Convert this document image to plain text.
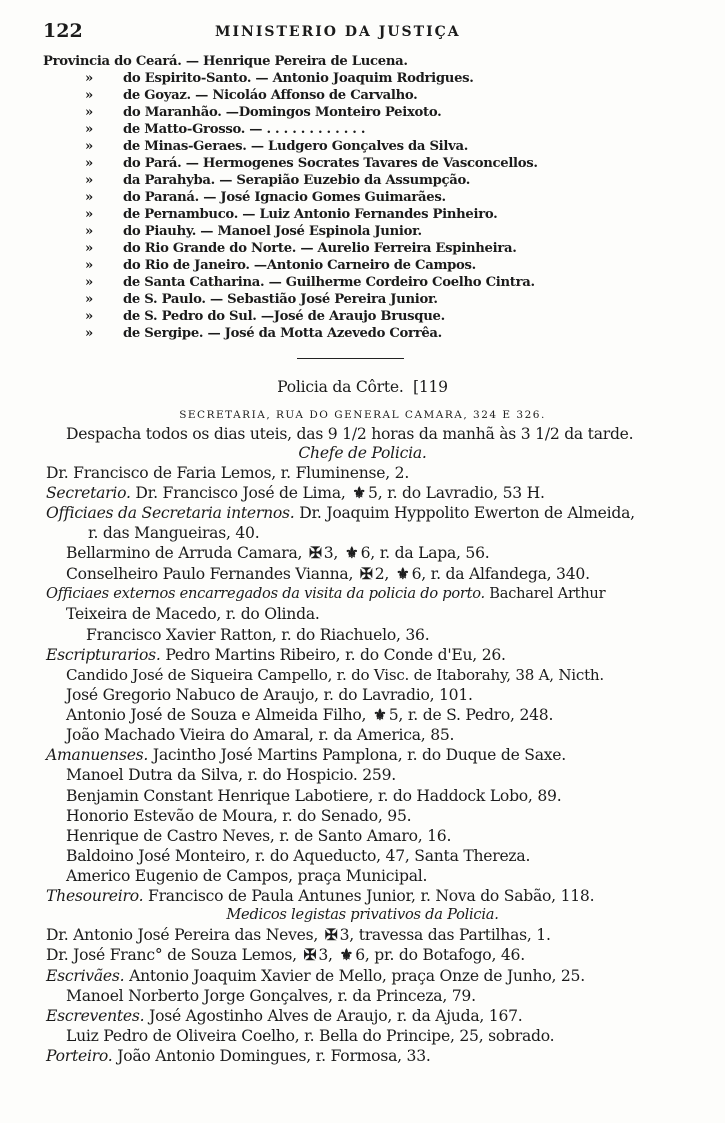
122	MINISTERIO DA JUSTIÇA
Provincia do Ceará. — Henrique Pereira de Lucena.
» do Espirito-Santo. — Antonio Joaquim Rodrigues.
» de Goyaz. — Nicoláo Affonso de Carvalho.
» do Maranhão. —Domingos Monteiro Peixoto.
» de Matto-Grosso. — . . . . . . . . . . . .
» de Minas-Geraes. — Ludgero Gonçalves da Silva.
» do Pará. — Hermogenes Socrates Tavares de Vasconcellos.
» da Parahyba. — Serapião Euzebio da Assumpção.
» do Paraná. — José Ignacio Gomes Guimarães.
» de Pernambuco. — Luiz Antonio Fernandes Pinheiro.
» do Piauhy. — Manoel José Espinola Junior.
» do Rio Grande do Norte. — Aurelio Ferreira Espinheira.
» do Rio de Janeiro. —Antonio Carneiro de Campos.
» de Santa Catharina. — Guilherme Cordeiro Coelho Cintra.
» de S. Paulo. — Sebastião José Pereira Junior.
» de S. Pedro do Sul. —José de Araujo Brusque.
» de Sergipe. — José da Motta Azevedo Corrêa.
Policia da Côrte. [119
SECRETARIA, RUA DO GENERAL CAMARA, 324 E 326.
Despacha todos os dias uteis, das 9 1/2 horas da manhã às 3 1/2 da tarde.
Chefe de Policia.
Dr. Francisco de Faria Lemos, r. Fluminense, 2.
Secretario. Dr. Francisco José de Lima, ⚜ 5, r. do Lavradio, 53 H.
Officiaes da Secretaria internos. Dr. Joaquim Hyppolito Ewerton de Almeida,
r. das Mangueiras, 40.
Bellarmino de Arruda Camara, ✠ 3, ⚜ 6, r. da Lapa, 56.
Conselheiro Paulo Fernandes Vianna, ✠ 2, ⚜ 6, r. da Alfandega, 340.
Officiaes externos encarregados da visita da policia do porto. Bacharel Arthur
Teixeira de Macedo, r. do Olinda.
Francisco Xavier Ratton, r. do Riachuelo, 36.
Escripturarios. Pedro Martins Ribeiro, r. do Conde d'Eu, 26.
Candido José de Siqueira Campello, r. do Visc. de Itaborahy, 38 A, Nicth.
José Gregorio Nabuco de Araujo, r. do Lavradio, 101.
Antonio José de Souza e Almeida Filho, ⚜ 5, r. de S. Pedro, 248.
João Machado Vieira do Amaral, r. da America, 85.
Amanuenses. Jacintho José Martins Pamplona, r. do Duque de Saxe.
Manoel Dutra da Silva, r. do Hospicio. 259.
Benjamin Constant Henrique Labotiere, r. do Haddock Lobo, 89.
Honorio Estevão de Moura, r. do Senado, 95.
Henrique de Castro Neves, r. de Santo Amaro, 16.
Baldoino José Monteiro, r. do Aqueducto, 47, Santa Thereza.
Americo Eugenio de Campos, praça Municipal.
Thesoureiro. Francisco de Paula Antunes Junior, r. Nova do Sabão, 118.
Medicos legistas privativos da Policia.
Dr. Antonio José Pereira das Neves, ✠ 3, travessa das Partilhas, 1.
Dr. José Franc° de Souza Lemos, ✠ 3, ⚜ 6, pr. do Botafogo, 46.
Escrivães. Antonio Joaquim Xavier de Mello, praça Onze de Junho, 25.
Manoel Norberto Jorge Gonçalves, r. da Princeza, 79.
Escreventes. José Agostinho Alves de Araujo, r. da Ajuda, 167.
Luiz Pedro de Oliveira Coelho, r. Bella do Principe, 25, sobrado.
Porteiro. João Antonio Domingues, r. Formosa, 33.
